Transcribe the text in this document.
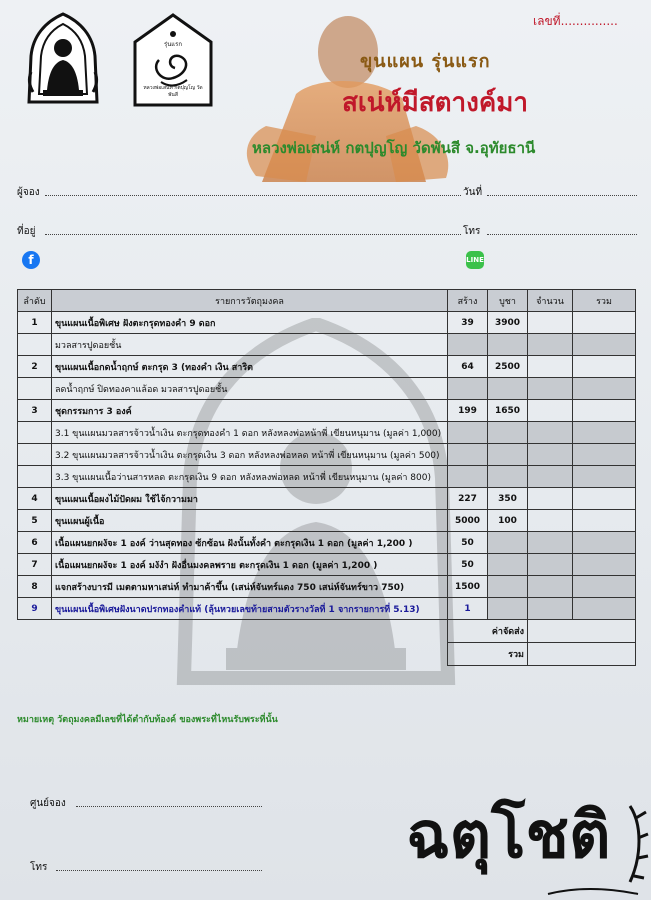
รุ่นแรก
หลวงพ่อเสน่ห์ กตปุญโญ วัดพันสี
เลขที่...............
ขุนแผน รุ่นแรก
สเน่ห์มีสตางค์มา
หลวงพ่อเสน่ห์ กตปุญโญ วัดพันสี จ.อุทัยธานี
ผู้จอง	วันที่
ที่อยู่	โทร
f	LINE
ลำดับ	รายการวัตถุมงคล	สร้าง	บูชา	จำนวน	รวม
1	ขุนแผนเนื้อพิเศษ ฝังตะกรุดทองคำ 9 ดอก	39	3900		
	มวลสารปูดอยชั้น				
2	ขุนแผนเนื้อกดน้ำฤกษ์ ตะกรุด 3 (ทองคำ เงิน สาริต	64	2500		
	ลดน้ำฤกษ์ ปิดทองคาแล้อด มวลสารปูดอยชั้น				
3	ชุดกรรมการ 3 องค์	199	1650		
	3.1 ขุนแผนมวลสารจ้าวน้ำเงิน ตะกรุดทองคำ 1 ดอก หลังหลงพ่อหน้าพี่ เขียนหนุมาน (มูลค่า 1,000)				
	3.2 ขุนแผนมวลสารจ้าวน้ำเงิน ตะกรุดเงิน 3 ดอก หลังหลงพ่อหลด หน้าพี่ เขียนหนุมาน (มูลค่า 500)				
	3.3 ขุนแผนเนื้อว่านสารหลด ตะกรุดเงิน 9 ดอก หลังหลงพ่อหลด หน้าพี่ เขียนหนุมาน (มูลค่า 800)				
4	ขุนแผนเนื้อผงไม้ปัดผม ใช้ไจ้กวามมา	227	350		
5	ขุนแผนผู้เนื้อ	5000	100		
6	เนื้อแผนยกผงัจะ 1 องค์ ว่านสุดทอง ซ้กซ้อน ฝังนั้นทั้งคำ ตะกรุดเงิน 1 ดอก (มูลค่า 1,200 )	50			
7	เนื้อแผนยกผงัจะ 1 องค์ มงังำ ฝังอื่นมงคลพราย ตะกรุดเงิน 1 ดอก (มูลค่า 1,200 )	50			
8	แจกสร้างบารมี เมตตามหาเสน่ห์ ทำมาค้าขึ้น (เสน่ห์จันทร์แดง 750 เสน่ห์จันทร์ขาว 750)	1500			
9	ขุนแผนเนื้อพิเศษฝังนาดปรกทองคำแท้ (ลุ้นหวยเลขท้ายสามตัวรางวัลที่ 1 จากรายการที่ 5.13)	1			
		ค่าจัดส่ง			
		รวม			
หมายเหตุ วัตถุมงคลมีเลขที่ได้ตำกับท้องค์ ของพระที่ไหนรับพระที่นั้น
ศูนย์จอง
โทร	ฉตุโชติ
